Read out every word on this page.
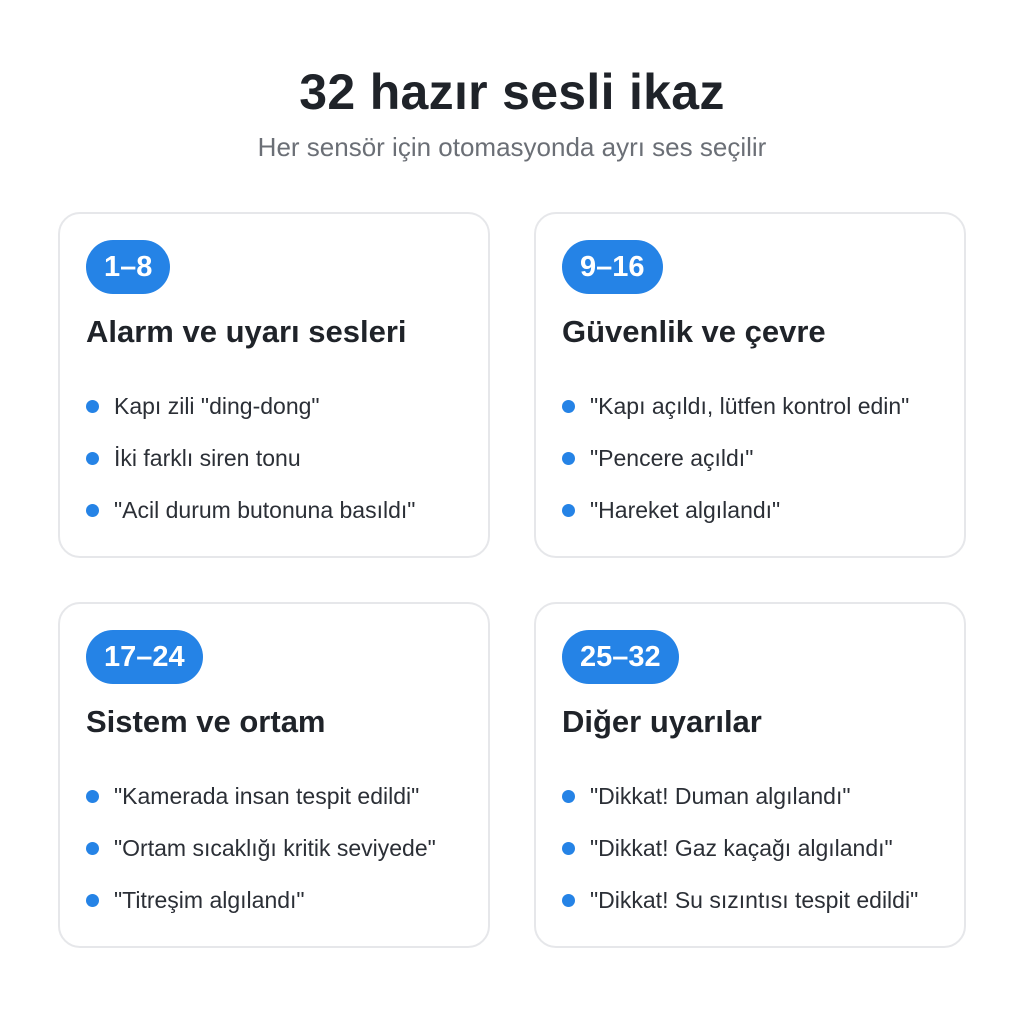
32 hazır sesli ikaz
Her sensör için otomasyonda ayrı ses seçilir
1–8
Alarm ve uyarı sesleri
Kapı zili "ding-dong"
İki farklı siren tonu
"Acil durum butonuna basıldı"
9–16
Güvenlik ve çevre
"Kapı açıldı, lütfen kontrol edin"
"Pencere açıldı"
"Hareket algılandı"
17–24
Sistem ve ortam
"Kamerada insan tespit edildi"
"Ortam sıcaklığı kritik seviyede"
"Titreşim algılandı"
25–32
Diğer uyarılar
"Dikkat! Duman algılandı"
"Dikkat! Gaz kaçağı algılandı"
"Dikkat! Su sızıntısı tespit edildi"
